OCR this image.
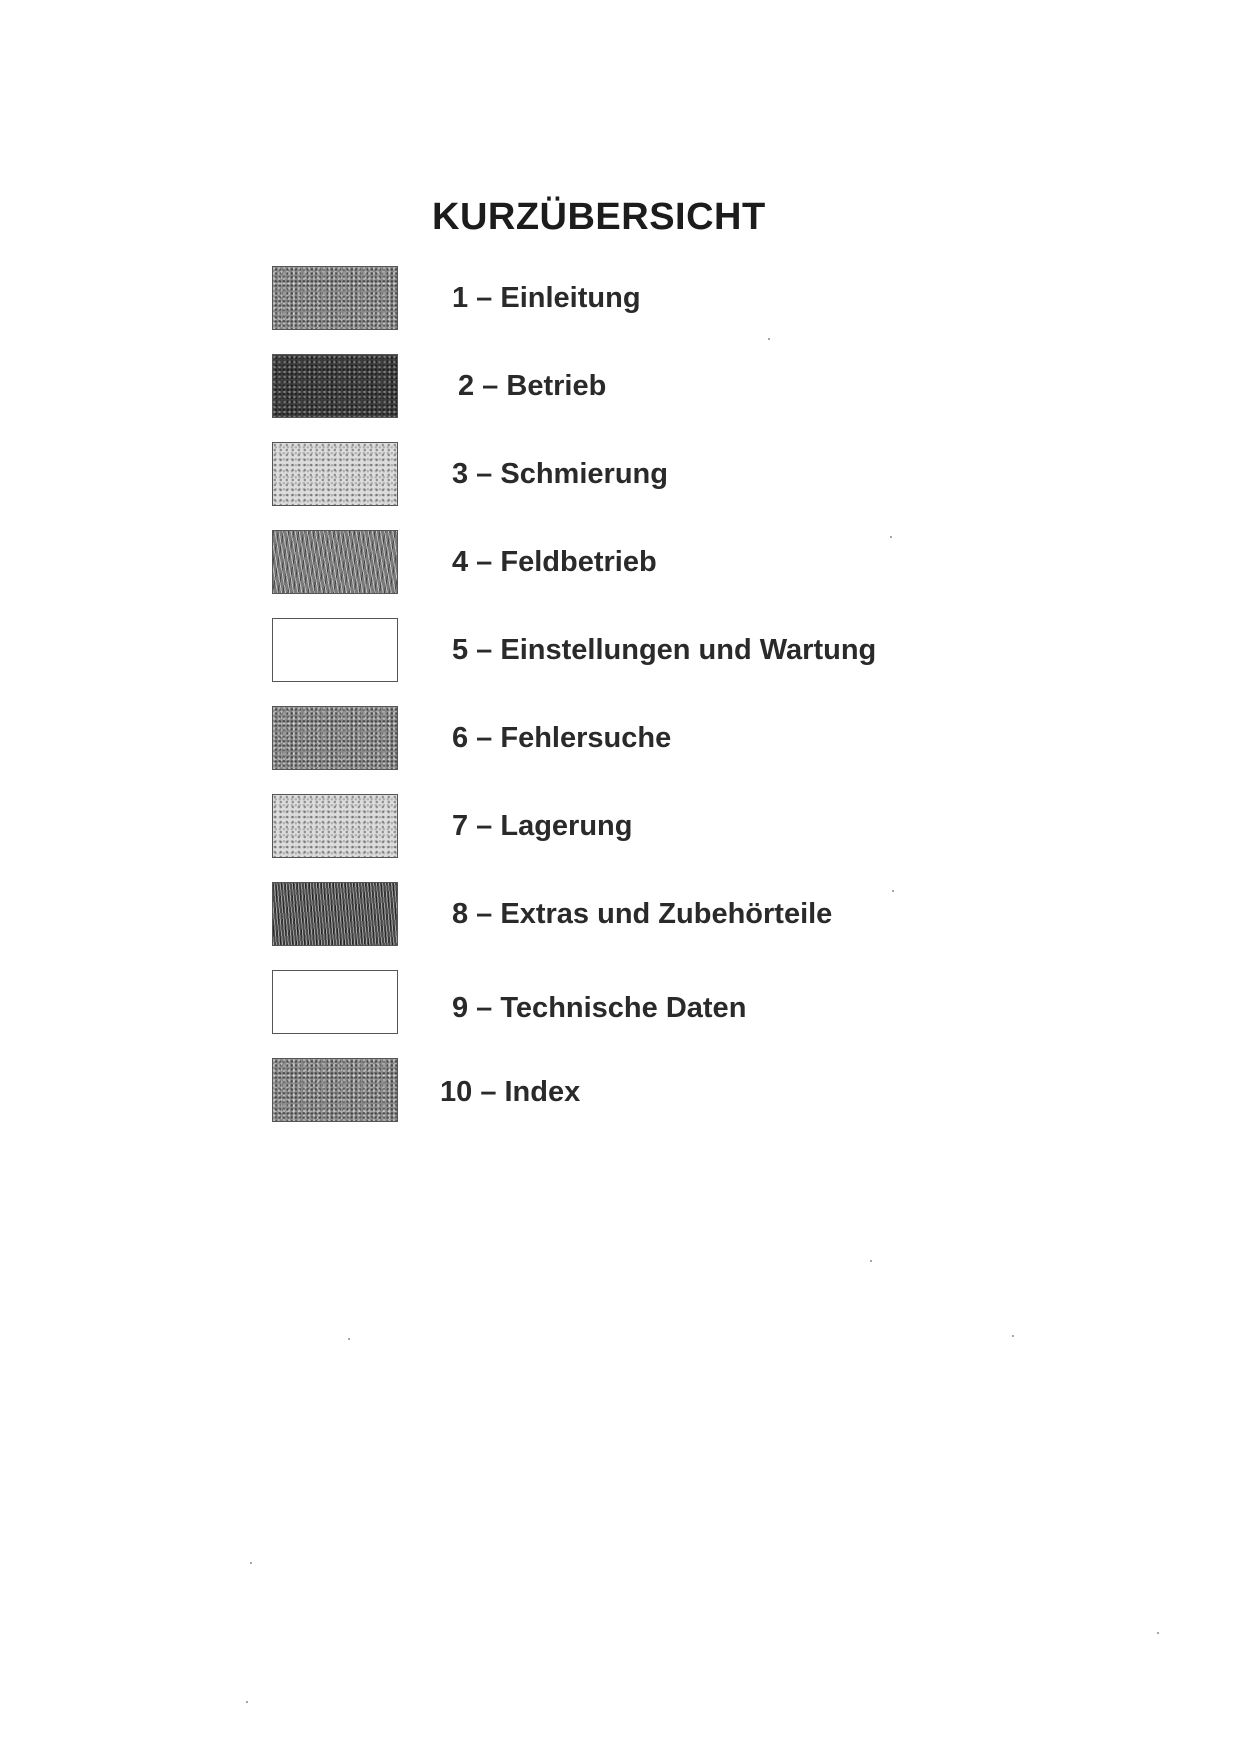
KURZÜBERSICHT
1 – Einleitung
2 – Betrieb
3 – Schmierung
4 – Feldbetrieb
5 – Einstellungen und Wartung
6 – Fehlersuche
7 – Lagerung
8 – Extras und Zubehörteile
9 – Technische Daten
10 – Index
